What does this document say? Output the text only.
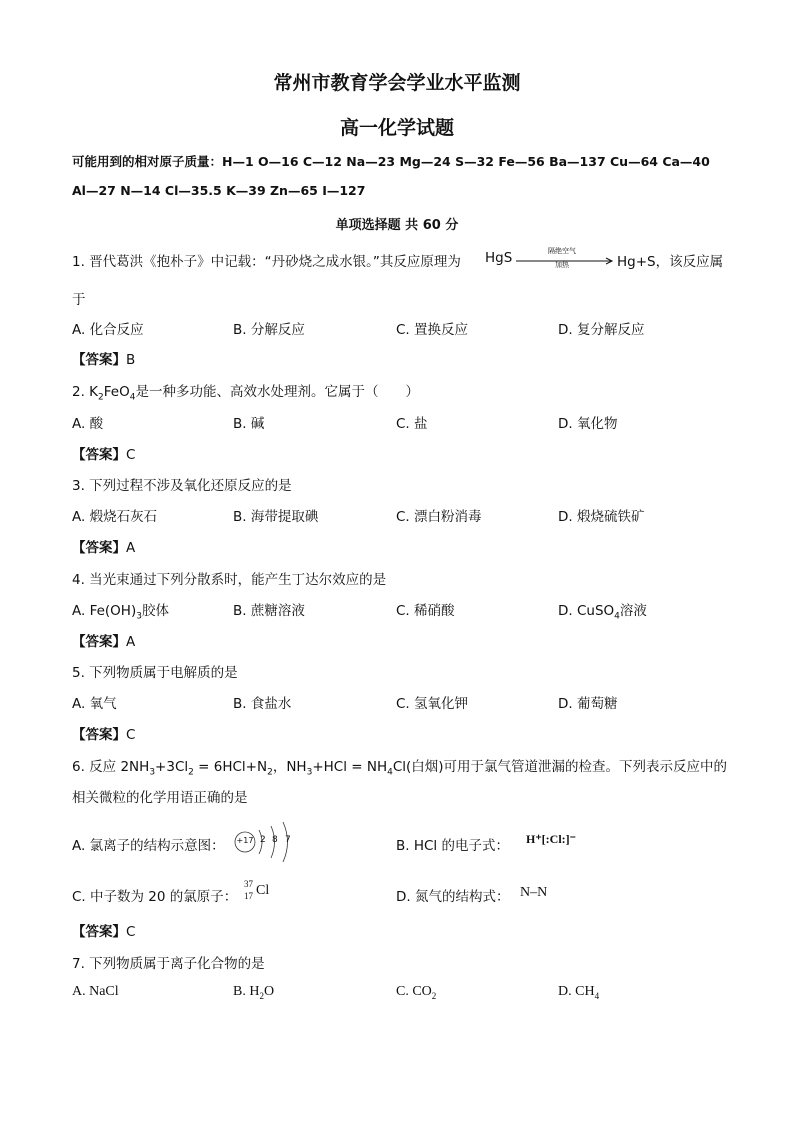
常州市教育学会学业水平监测
高一化学试题
可能用到的相对原子质量：H—1 O—16 C—12 Na—23 Mg—24 S—32 Fe—56 Ba—137 Cu—64 Ca—40
Al—27 N—14 Cl—35.5 K—39 Zn—65 I—127
单项选择题 共 60 分
1. 晋代葛洪《抱朴子》中记载：“丹砂烧之成水银。”其反应原理为 HgS	隔绝空气
加热	Hg+S，该反应属
于
A. 化合反应	B. 分解反应	C. 置换反应	D. 复分解反应
【答案】B
2. $K_2FeO_4$是一种多功能、高效水处理剂。它属于（　　）
A. 酸	B. 碱	C. 盐	D. 氧化物
【答案】C
3. 下列过程不涉及氧化还原反应的是
A. 煅烧石灰石	B. 海带提取碘	C. 漂白粉消毒	D. 煅烧硫铁矿
【答案】A
4. 当光束通过下列分散系时，能产生丁达尔效应的是
A. $Fe(OH)_3$胶体	B. 蔗糖溶液	C. 稀硝酸	D. CuSO$_4$溶液
【答案】A
5. 下列物质属于电解质的是
A. 氧气	B. 食盐水	C. 氢氧化钾	D. 葡萄糖
【答案】C
6. 反应 $2NH_3+3Cl_2 = 6HCl+N_2$，$NH_3+HCl = NH_4Cl$(白烟)可用于氯气管道泄漏的检查。下列表示反应中的
相关微粒的化学用语正确的是
A. 氯离子的结构示意图： +17 2 8 7	B. HCl 的电子式： H⁺[:Cl:]⁻
C. 中子数为 20 的氯原子：
37
17 Cl	D. 氮气的结构式： N–N
【答案】C
7. 下列物质属于离子化合物的是
A. NaCl	B. $H_2O$	C. $CO_2$	D. $CH_4$
